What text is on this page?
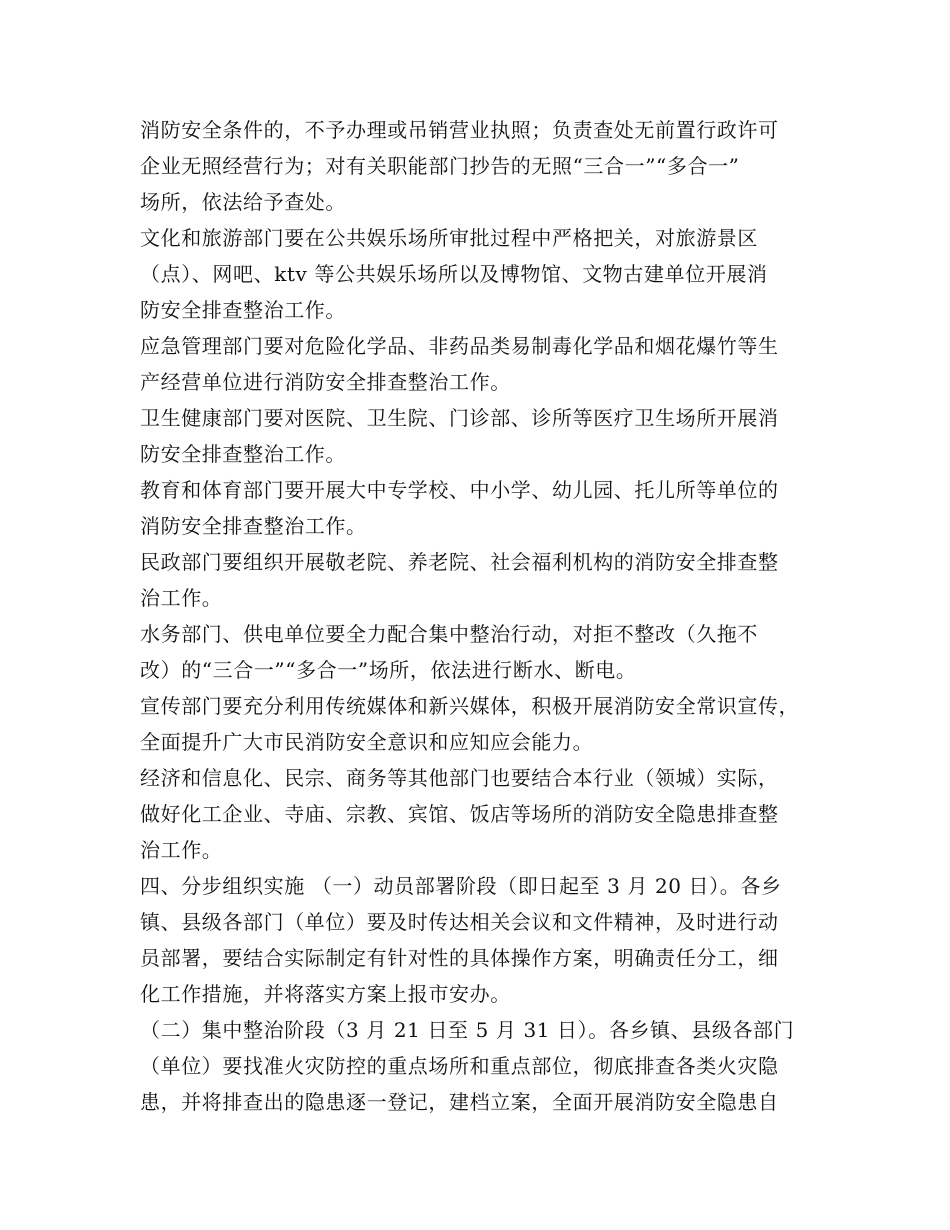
消防安全条件的，不予办理或吊销营业执照；负责查处无前置行政许可
企业无照经营行为；对有关职能部门抄告的无照“三合一”“多合一”
场所，依法给予查处。
文化和旅游部门要在公共娱乐场所审批过程中严格把关，对旅游景区
（点）、网吧、ktv 等公共娱乐场所以及博物馆、文物古建单位开展消
防安全排查整治工作。
应急管理部门要对危险化学品、非药品类易制毒化学品和烟花爆竹等生
产经营单位进行消防安全排查整治工作。
卫生健康部门要对医院、卫生院、门诊部、诊所等医疗卫生场所开展消
防安全排查整治工作。
教育和体育部门要开展大中专学校、中小学、幼儿园、托儿所等单位的
消防安全排查整治工作。
民政部门要组织开展敬老院、养老院、社会福利机构的消防安全排查整
治工作。
水务部门、供电单位要全力配合集中整治行动，对拒不整改（久拖不
改）的“三合一”“多合一”场所，依法进行断水、断电。
宣传部门要充分利用传统媒体和新兴媒体，积极开展消防安全常识宣传，
全面提升广大市民消防安全意识和应知应会能力。
经济和信息化、民宗、商务等其他部门也要结合本行业（领城）实际，
做好化工企业、寺庙、宗教、宾馆、饭店等场所的消防安全隐患排查整
治工作。
四、分步组织实施 （一）动员部署阶段（即日起至 3 月 20 日）。各乡
镇、县级各部门（单位）要及时传达相关会议和文件精神，及时进行动
员部署，要结合实际制定有针对性的具体操作方案，明确责任分工，细
化工作措施，并将落实方案上报市安办。
（二）集中整治阶段（3 月 21 日至 5 月 31 日）。各乡镇、县级各部门
（单位）要找准火灾防控的重点场所和重点部位，彻底排查各类火灾隐
患，并将排查出的隐患逐一登记，建档立案，全面开展消防安全隐患自
